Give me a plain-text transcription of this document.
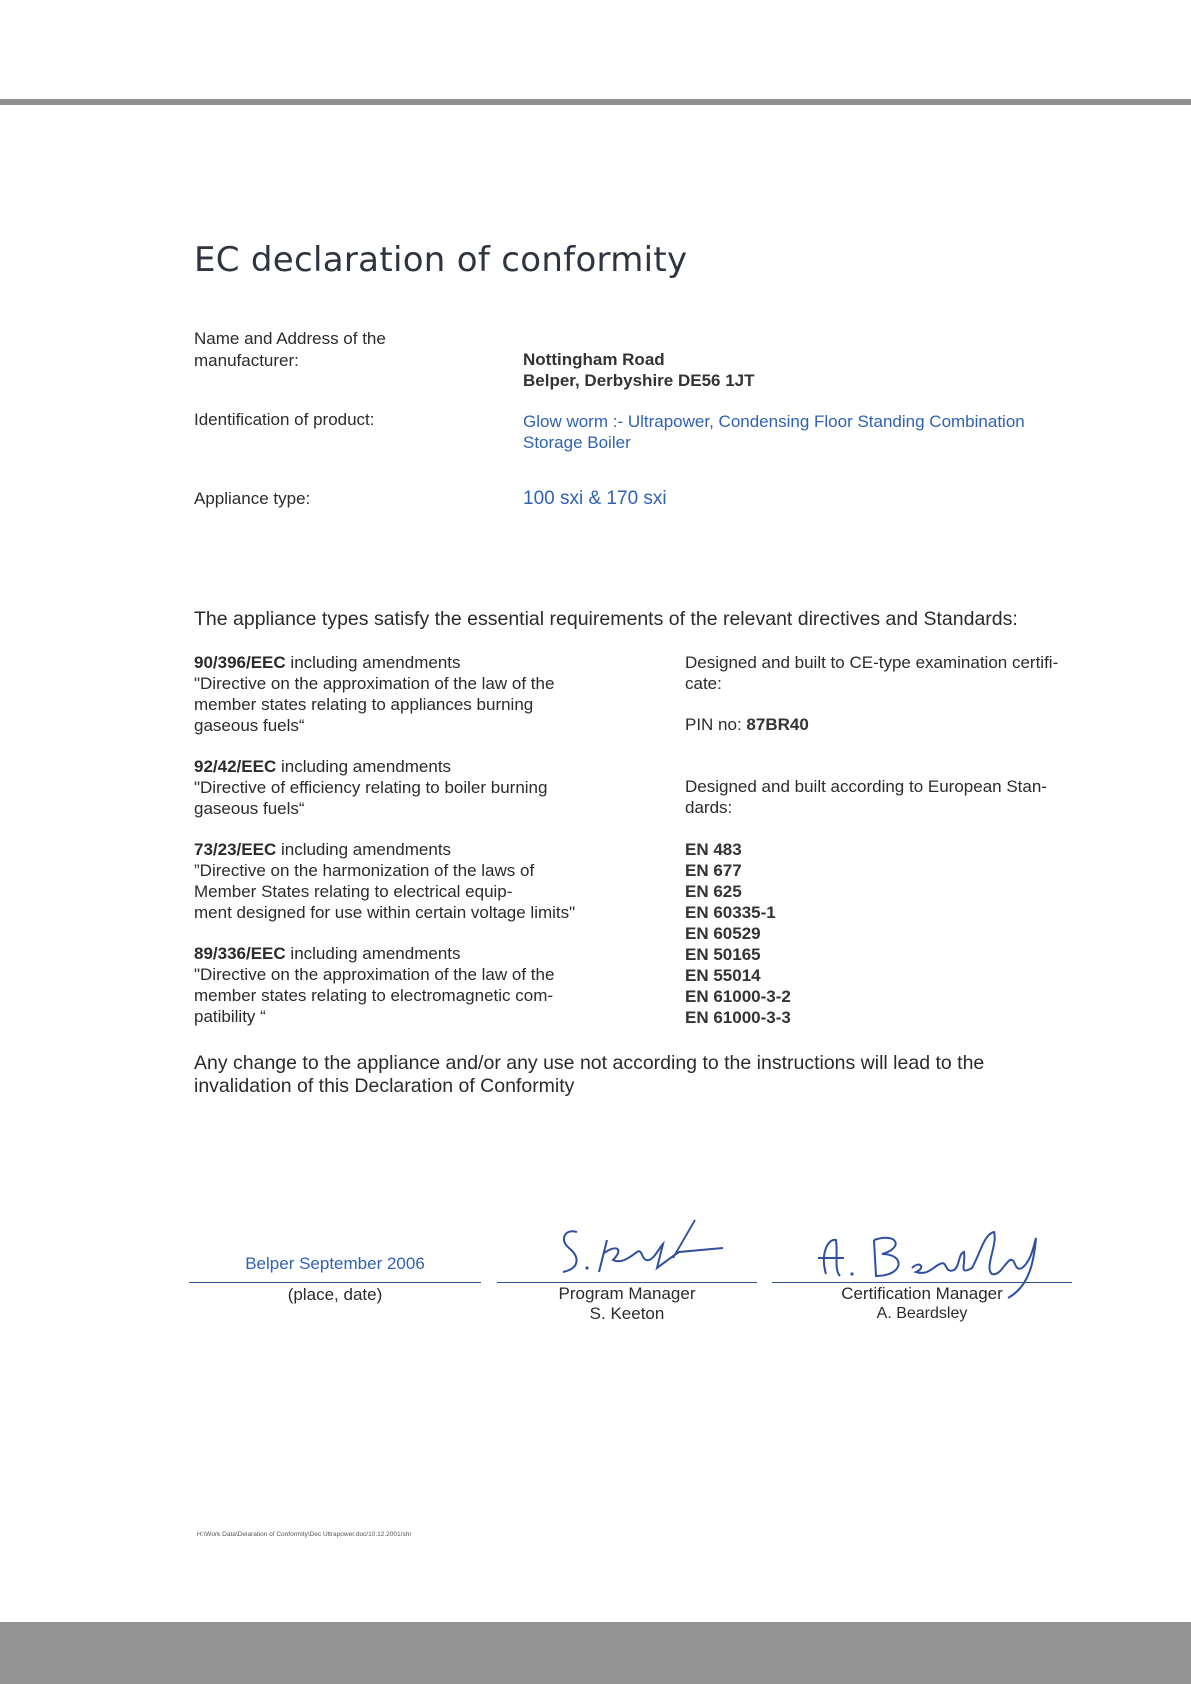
EC declaration of conformity
Name and Address of the
manufacturer:	Nottingham Road
Belper, Derbyshire DE56 1JT
Identification of product:	Glow worm :- Ultrapower, Condensing Floor Standing Combination
Storage Boiler
Appliance type:	100 sxi & 170 sxi
The appliance types satisfy the essential requirements of the relevant directives and Standards:
90/396/EEC including amendments
"Directive on the approximation of the law of the
member states relating to appliances burning
gaseous fuels“
92/42/EEC including amendments
"Directive of efficiency relating to boiler burning
gaseous fuels“
73/23/EEC including amendments
”Directive on the harmonization of the laws of
Member States relating to electrical equip-
ment designed for use within certain voltage limits"
89/336/EEC including amendments
"Directive on the approximation of the law of the
member states relating to electromagnetic com-
patibility “

Designed and built to CE-type examination certifi-

cate:

PIN no: 87BR40

Designed and built according to European Stan-

dards:

EN 483
EN 677
EN 625
EN 60335-1
EN 60529
EN 50165
EN 55014
EN 61000-3-2
EN 61000-3-3
Any change to the appliance and/or any use not according to the instructions will lead to the
invalidation of this Declaration of Conformity
Belper September 2006
(place, date)	Program Manager
S. Keeton
Certification Manager
A. Beardsley
H:\Work Data\Delaration of Conformity\Dec Ultrapower.doc/10.12.2001/shr
